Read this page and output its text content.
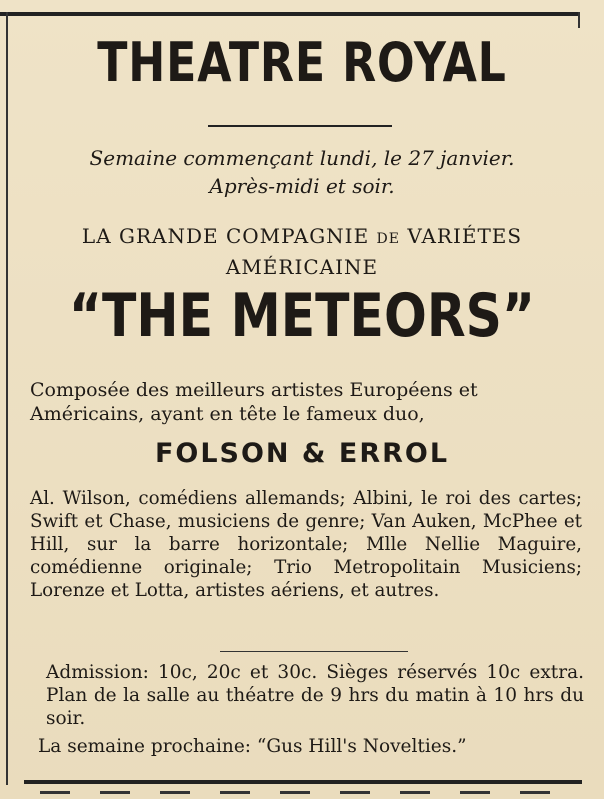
THEATRE ROYAL
Semaine commençant lundi, le 27 janvier.
Après-midi et soir.
LA GRANDE COMPAGNIE DE VARIÉTES
AMÉRICAINE
“THE METEORS”
Composée des meilleurs artistes Européens et Américains, ayant en tête le fameux duo,
FOLSON & ERROL
Al. Wilson, comédiens allemands; Albini, le roi des cartes; Swift et Chase, musiciens de genre; Van Auken, McPhee et Hill, sur la barre horizontale; Mlle Nellie Maguire, comédienne originale; Trio Metropolitain Musiciens; Lorenze et Lotta, artistes aériens, et autres.
Admission: 10c, 20c et 30c. Sièges réservés 10c extra. Plan de la salle au théatre de 9 hrs du matin à 10 hrs du soir.
La semaine prochaine: “Gus Hill's Novelties.”
